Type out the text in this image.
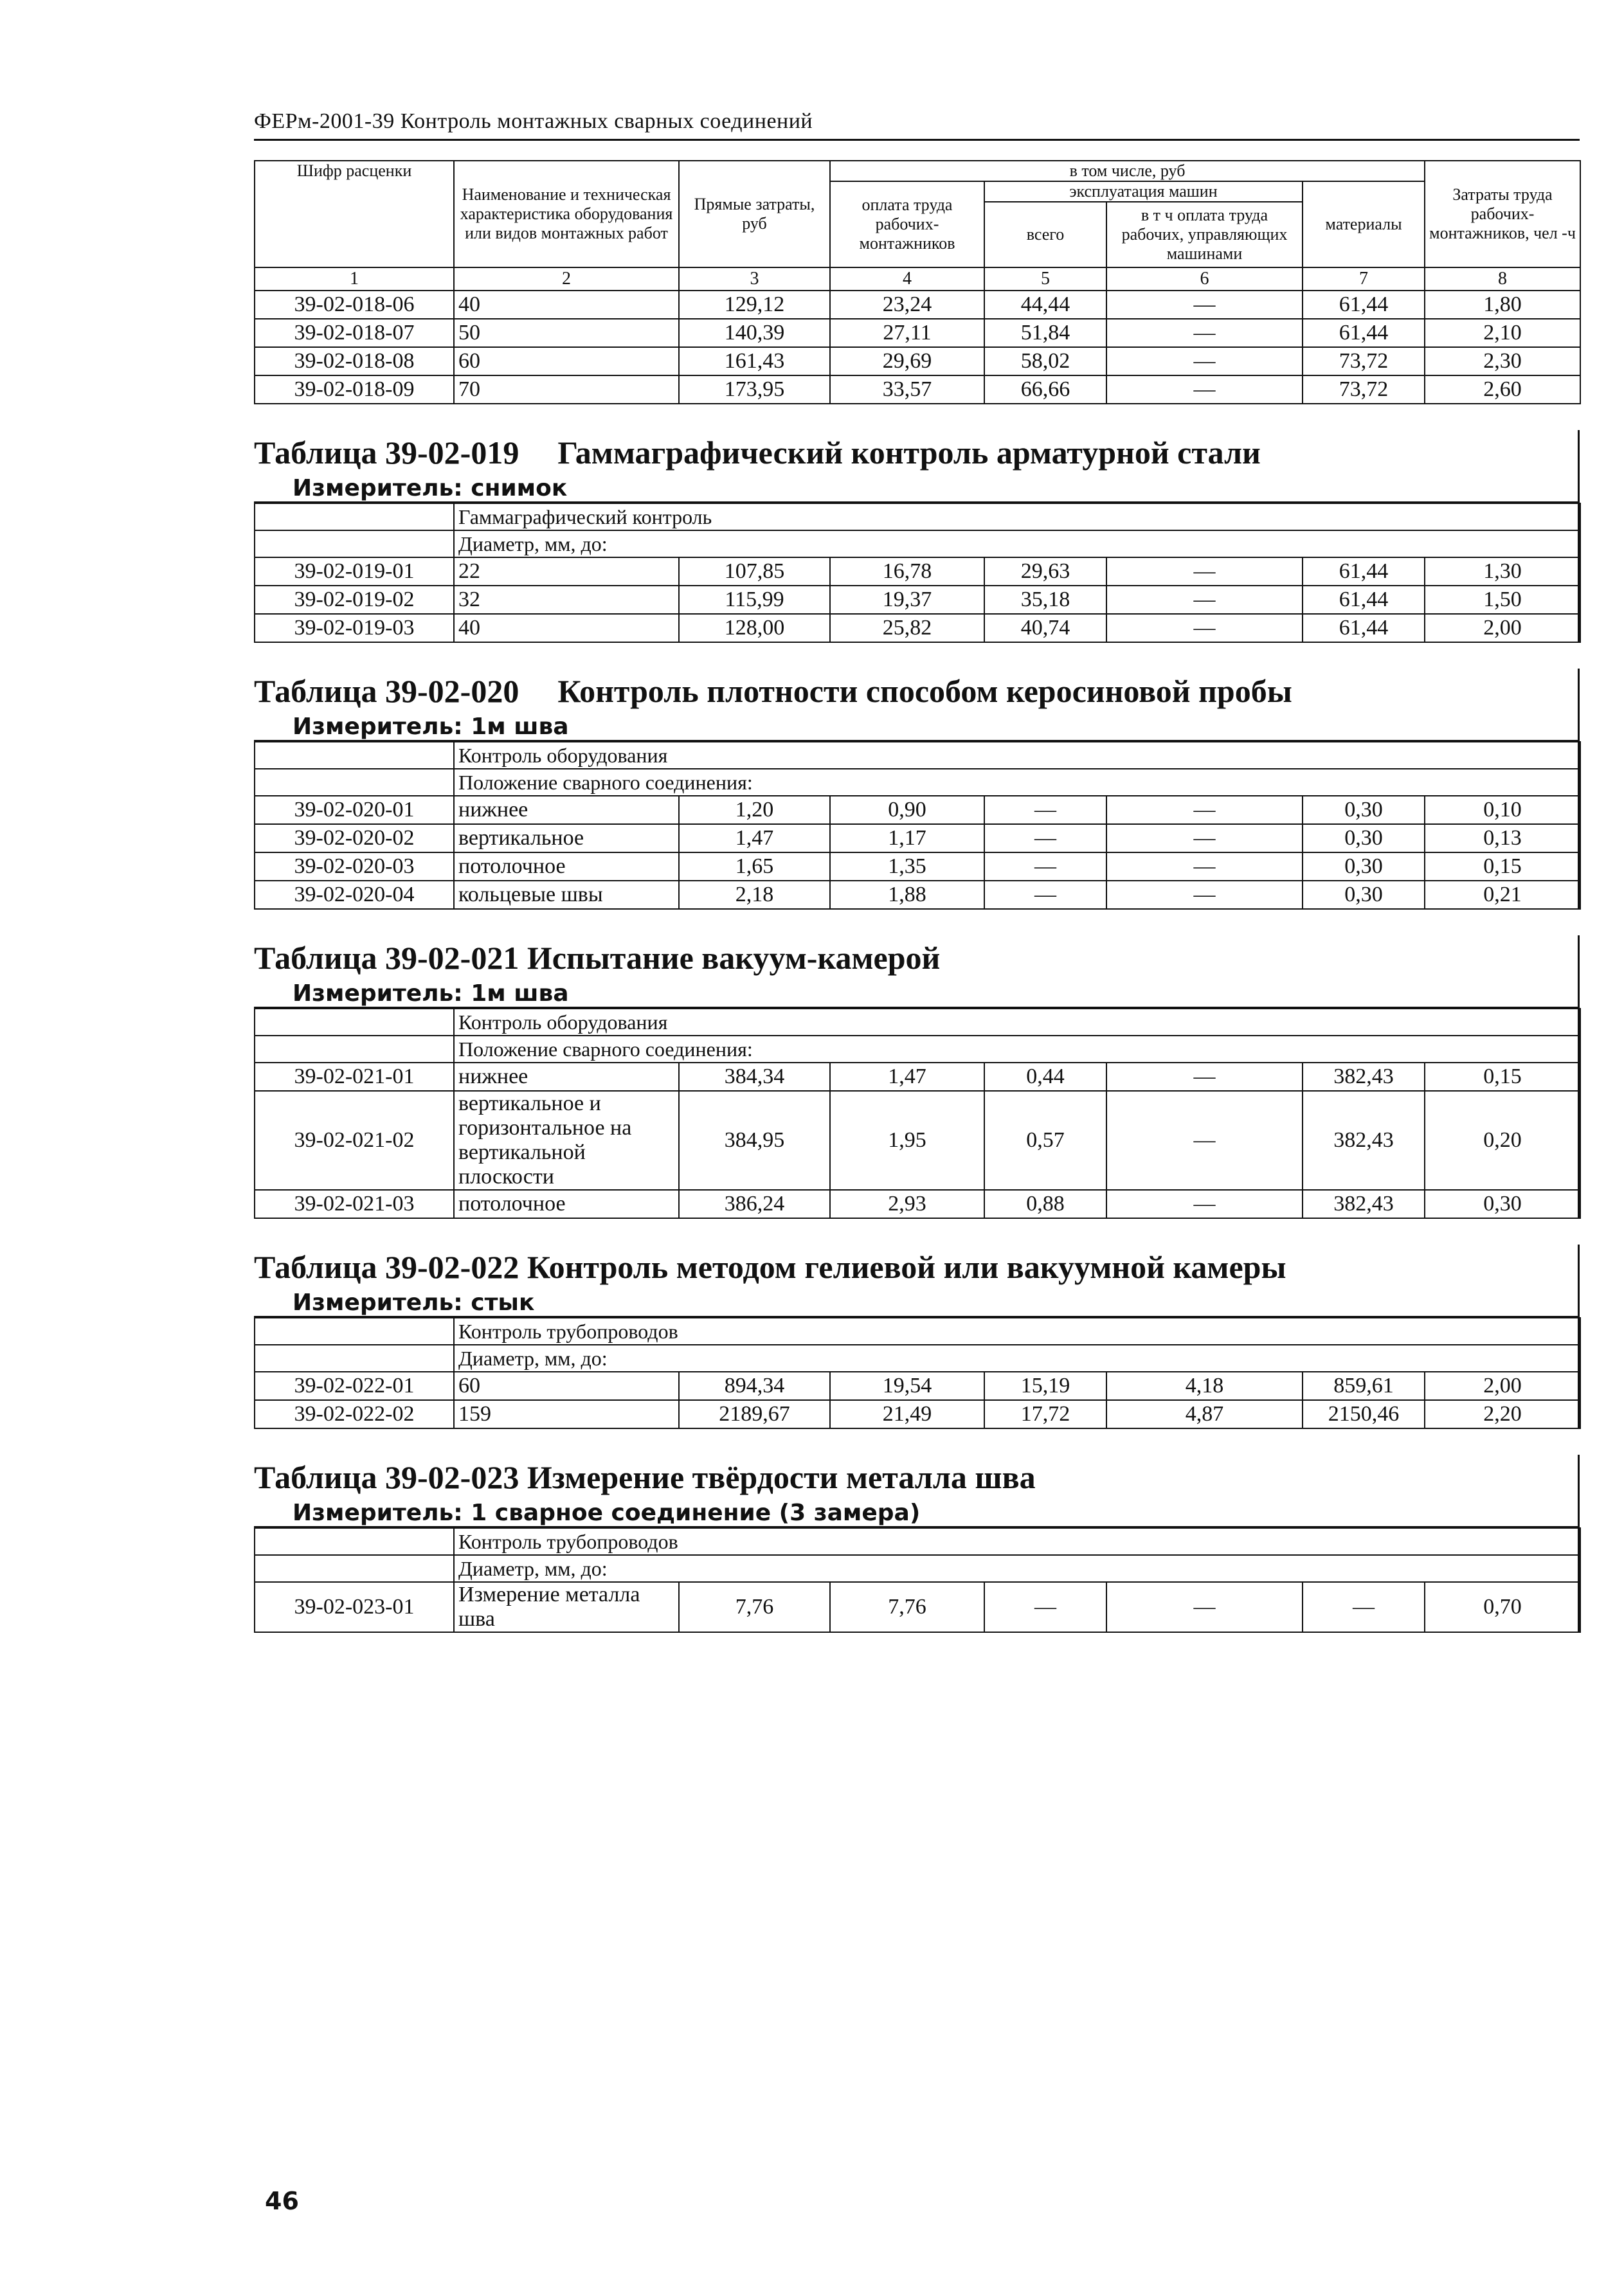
ФЕРм-2001-39 Контроль монтажных сварных соединений
Шифр расценки	Наименование и техническая характеристика оборудования или видов монтажных работ	Прямые затраты, руб	в том числе, руб				Затраты труда рабочих-монтажников, чел -ч
			оплата труда рабочих-монтажников	эксплуатация машин		материалы	
				всего	в т ч оплата труда рабочих, управляющих машинами		
1	2	3	4	5	6	7	8
39-02-018-06	40	129,12	23,24	44,44	—	61,44	1,80
39-02-018-07	50	140,39	27,11	51,84	—	61,44	2,10
39-02-018-08	60	161,43	29,69	58,02	—	73,72	2,30
39-02-018-09	70	173,95	33,57	66,66	—	73,72	2,60
Таблица 39-02-019 Гаммаграфический контроль арматурной стали
Измеритель: снимок
	Гаммаграфический контроль						
	Диаметр, мм, до:						
39-02-019-01	22	107,85	16,78	29,63	—	61,44	1,30
39-02-019-02	32	115,99	19,37	35,18	—	61,44	1,50
39-02-019-03	40	128,00	25,82	40,74	—	61,44	2,00
Таблица 39-02-020 Контроль плотности способом керосиновой пробы
Измеритель: 1м шва
	Контроль оборудования						
	Положение сварного соединения:						
39-02-020-01	нижнее	1,20	0,90	—	—	0,30	0,10
39-02-020-02	вертикальное	1,47	1,17	—	—	0,30	0,13
39-02-020-03	потолочное	1,65	1,35	—	—	0,30	0,15
39-02-020-04	кольцевые швы	2,18	1,88	—	—	0,30	0,21
Таблица 39-02-021 Испытание вакуум-камерой
Измеритель: 1м шва
	Контроль оборудования						
	Положение сварного соединения:						
39-02-021-01	нижнее	384,34	1,47	0,44	—	382,43	0,15
39-02-021-02	вертикальное и горизонтальное на вертикальной плоскости	384,95	1,95	0,57	—	382,43	0,20
39-02-021-03	потолочное	386,24	2,93	0,88	—	382,43	0,30
Таблица 39-02-022 Контроль методом гелиевой или вакуумной камеры
Измеритель: стык
	Контроль трубопроводов						
	Диаметр, мм, до:						
39-02-022-01	60	894,34	19,54	15,19	4,18	859,61	2,00
39-02-022-02	159	2189,67	21,49	17,72	4,87	2150,46	2,20
Таблица 39-02-023 Измерение твёрдости металла шва
Измеритель: 1 сварное соединение (3 замера)
	Контроль трубопроводов						
	Диаметр, мм, до:						
39-02-023-01	Измерение металла шва	7,76	7,76	—	—	—	0,70
46
